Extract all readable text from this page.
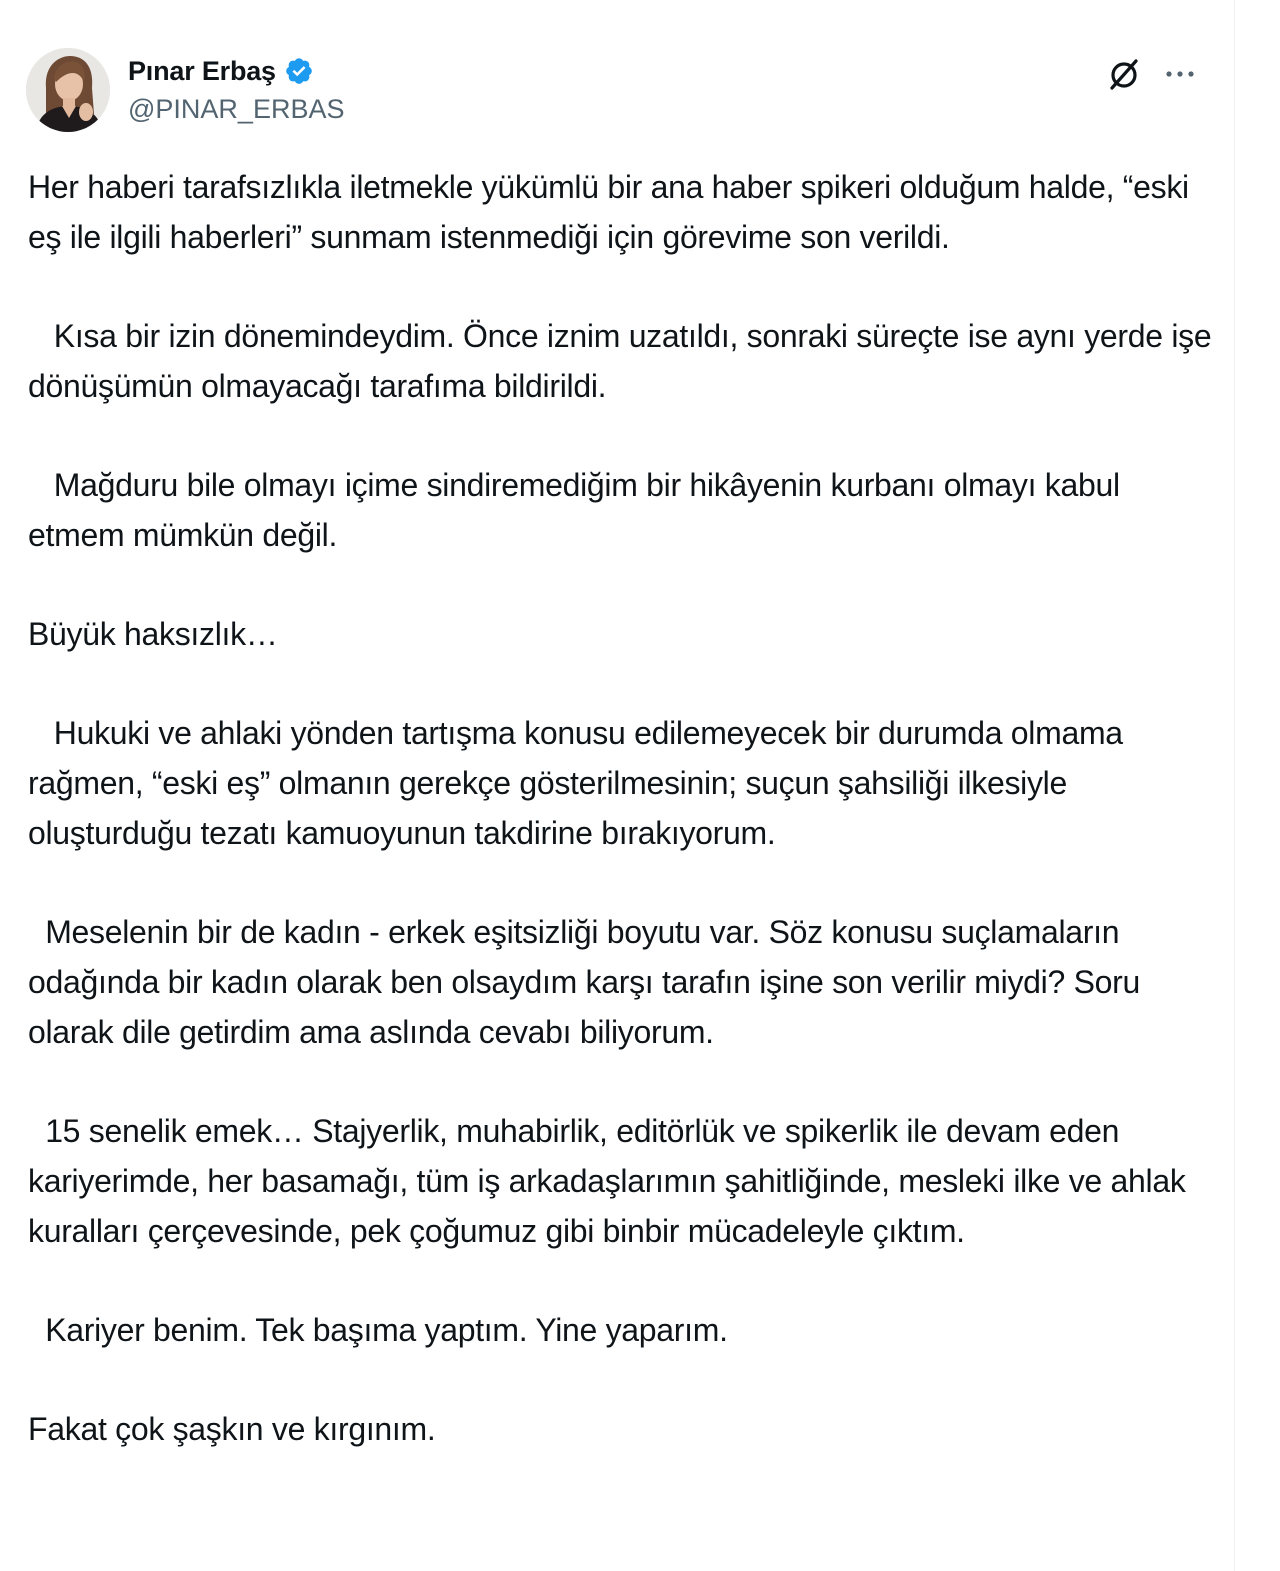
Pınar Erbaş
@PINAR_ERBAS

Her haberi tarafsızlıkla iletmekle yükümlü bir ana haber spikeri olduğum halde, “eski eş ile ilgili haberleri” sunmam istenmediği için görevime son verildi.

Kısa bir izin dönemindeydim. Önce iznim uzatıldı, sonraki süreçte ise aynı yerde işe dönüşümün olmayacağı tarafıma bildirildi.

Mağduru bile olmayı içime sindiremediğim bir hikâyenin kurbanı olmayı kabul etmem mümkün değil.

Büyük haksızlık…

Hukuki ve ahlaki yönden tartışma konusu edilemeyecek bir durumda olmama rağmen, “eski eş” olmanın gerekçe gösterilmesinin; suçun şahsiliği ilkesiyle oluşturduğu tezatı kamuoyunun takdirine bırakıyorum.

Meselenin bir de kadın - erkek eşitsizliği boyutu var. Söz konusu suçlamaların odağında bir kadın olarak ben olsaydım karşı tarafın işine son verilir miydi? Soru olarak dile getirdim ama aslında cevabı biliyorum.

15 senelik emek… Stajyerlik, muhabirlik, editörlük ve spikerlik ile devam eden kariyerimde, her basamağı, tüm iş arkadaşlarımın şahitliğinde, mesleki ilke ve ahlak kuralları çerçevesinde, pek çoğumuz gibi binbir mücadeleyle çıktım.

Kariyer benim. Tek başıma yaptım. Yine yaparım.

Fakat çok şaşkın ve kırgınım.
